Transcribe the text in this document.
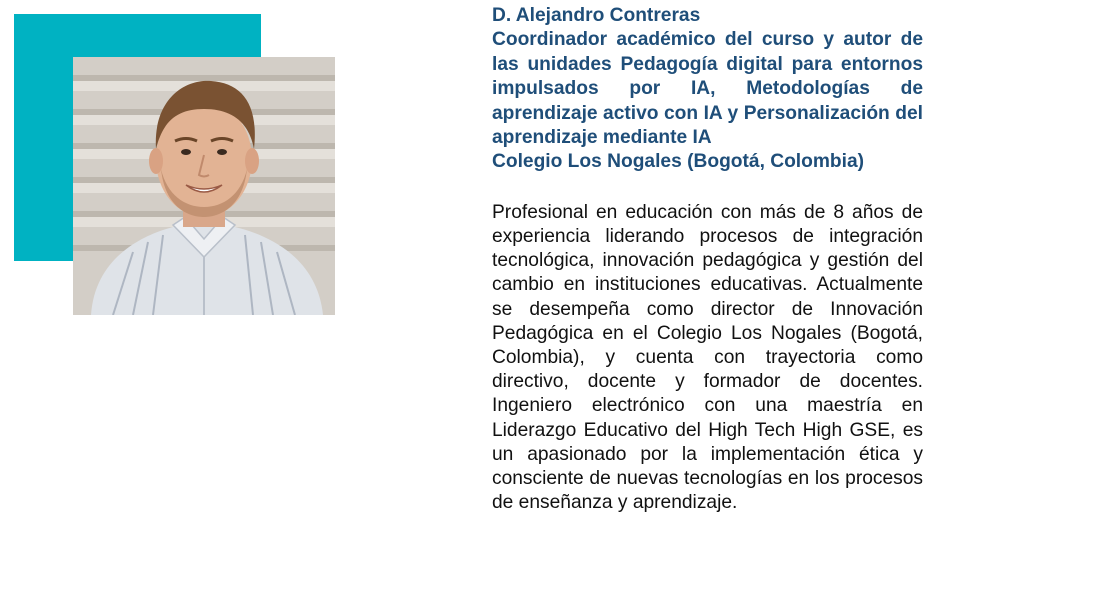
D. Alejandro Contreras
Coordinador académico del curso y autor de las unidades Pedagogía digital para entornos impulsados por IA, Metodologías de aprendizaje activo con IA y Personalización del aprendizaje mediante IA
Colegio Los Nogales (Bogotá, Colombia)

Profesional en educación con más de 8 años de experiencia liderando procesos de integración tecnológica, innovación pedagógica y gestión del cambio en instituciones educativas. Actualmente se desempeña como director de Innovación Pedagógica en el Colegio Los Nogales (Bogotá, Colombia), y cuenta con trayectoria como directivo, docente y formador de docentes. Ingeniero electrónico con una maestría en Liderazgo Educativo del High Tech High GSE, es un apasionado por la implementación ética y consciente de nuevas tecnologías en los procesos de enseñanza y aprendizaje.
